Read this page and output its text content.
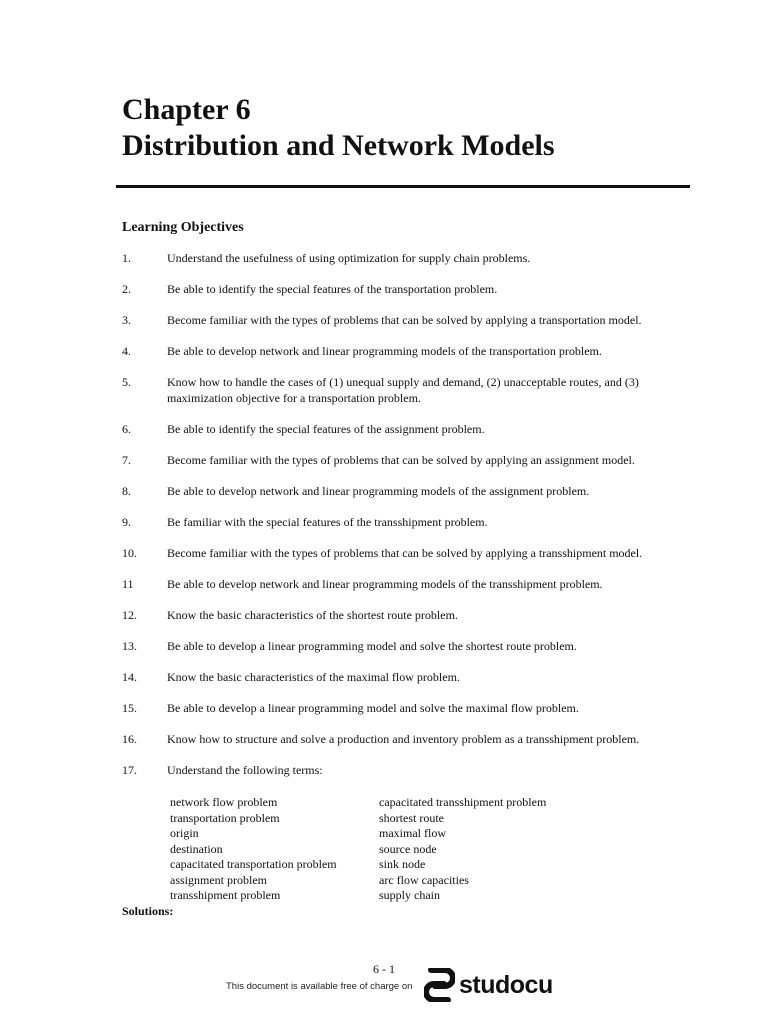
Chapter 6
Distribution and Network Models
Learning Objectives
1.	Understand the usefulness of using optimization for supply chain problems.
2.	Be able to identify the special features of the transportation problem.
3.	Become familiar with the types of problems that can be solved by applying a transportation model.
4.	Be able to develop network and linear programming models of the transportation problem.
5.	Know how to handle the cases of (1) unequal supply and demand, (2) unacceptable routes, and (3) maximization objective for a transportation problem.
6.	Be able to identify the special features of the assignment problem.
7.	Become familiar with the types of problems that can be solved by applying an assignment model.
8.	Be able to develop network and linear programming models of the assignment problem.
9.	Be familiar with the special features of the transshipment problem.
10.	Become familiar with the types of problems that can be solved by applying a transshipment model.
11	Be able to develop network and linear programming models of the transshipment problem.
12.	Know the basic characteristics of the shortest route problem.
13.	Be able to develop a linear programming model and solve the shortest route problem.
14.	Know the basic characteristics of the maximal flow problem.
15.	Be able to develop a linear programming model and solve the maximal flow problem.
16.	Know how to structure and solve a production and inventory problem as a transshipment problem.
17.	Understand the following terms:
network flow problem
transportation problem
origin
destination
capacitated transportation problem
assignment problem
transshipment problem
capacitated transshipment problem
shortest route
maximal flow
source node
sink node
arc flow capacities
supply chain
Solutions:
6 - 1
This document is available free of charge on studocu
